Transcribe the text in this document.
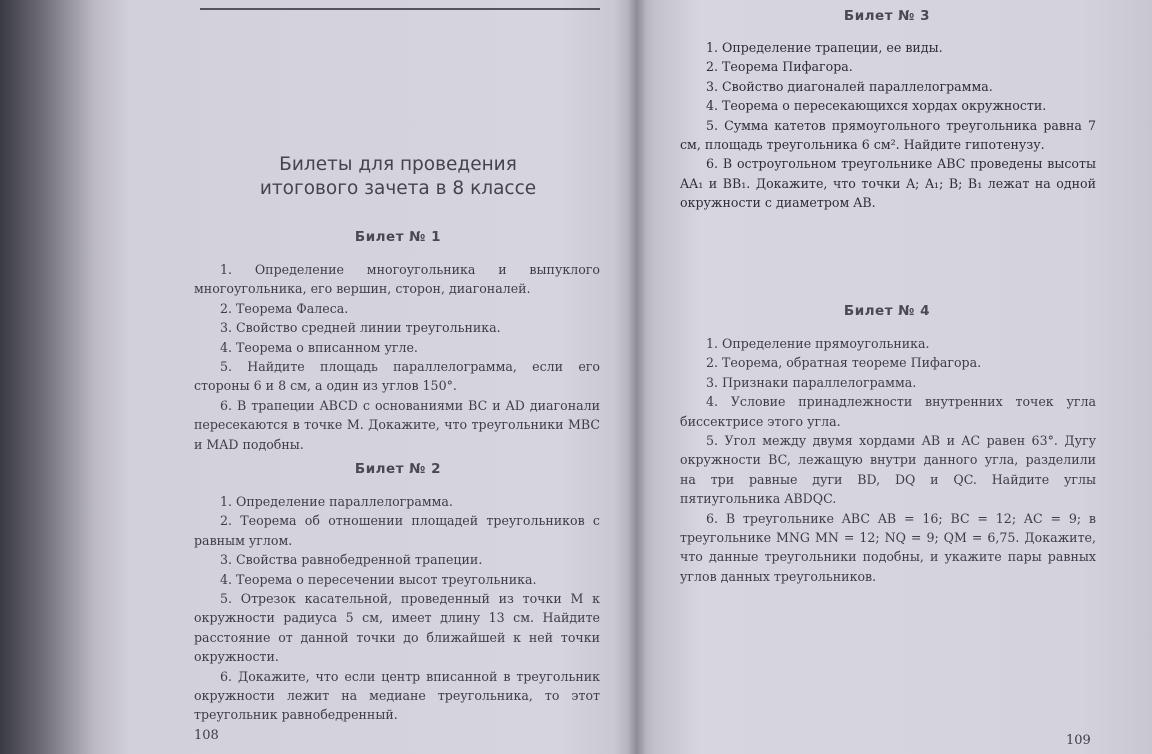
Билеты для проведения
итогового зачета в 8 классе
Билет № 1

1. Определение многоугольника и выпуклого многоугольника, его вершин, сторон, диагоналей.

2. Теорема Фалеса.

3. Свойство средней линии треугольника.

4. Теорема о вписанном угле.

5. Найдите площадь параллелограмма, если его стороны 6 и 8 см, а один из углов 150°.

6. В трапеции ABCD с основаниями BC и AD диагонали пересекаются в точке M. Докажите, что треугольники MBC и MAD подобны.

Билет № 2

1. Определение параллелограмма.

2. Теорема об отношении площадей треугольников с равным углом.

3. Свойства равнобедренной трапеции.

4. Теорема о пересечении высот треугольника.

5. Отрезок касательной, проведенный из точки M к окружности радиуса 5 см, имеет длину 13 см. Найдите расстояние от данной точки до ближайшей к ней точки окружности.

6. Докажите, что если центр вписанной в треугольник окружности лежит на медиане треугольника, то этот треугольник равнобедренный.

108
Билет № 3

1. Определение трапеции, ее виды.

2. Теорема Пифагора.

3. Свойство диагоналей параллелограмма.

4. Теорема о пересекающихся хордах окружности.

5. Сумма катетов прямоугольного треугольника равна 7 см, площадь треугольника 6 см². Найдите гипотенузу.

6. В остроугольном треугольнике ABC проведены высоты AA₁ и BB₁. Докажите, что точки A; A₁; B; B₁ лежат на одной окружности с диаметром AB.

Билет № 4

1. Определение прямоугольника.

2. Теорема, обратная теореме Пифагора.

3. Признаки параллелограмма.

4. Условие принадлежности внутренних точек угла биссектрисе этого угла.

5. Угол между двумя хордами AB и AC равен 63°. Дугу окружности BC, лежащую внутри данного угла, разделили на три равные дуги BD, DQ и QC. Найдите углы пятиугольника ABDQC.

6. В треугольнике ABC AB = 16; BC = 12; AC = 9; в треугольнике MNG MN = 12; NQ = 9; QM = 6,75. Докажите, что данные треугольники подобны, и укажите пары равных углов данных треугольников.

109
